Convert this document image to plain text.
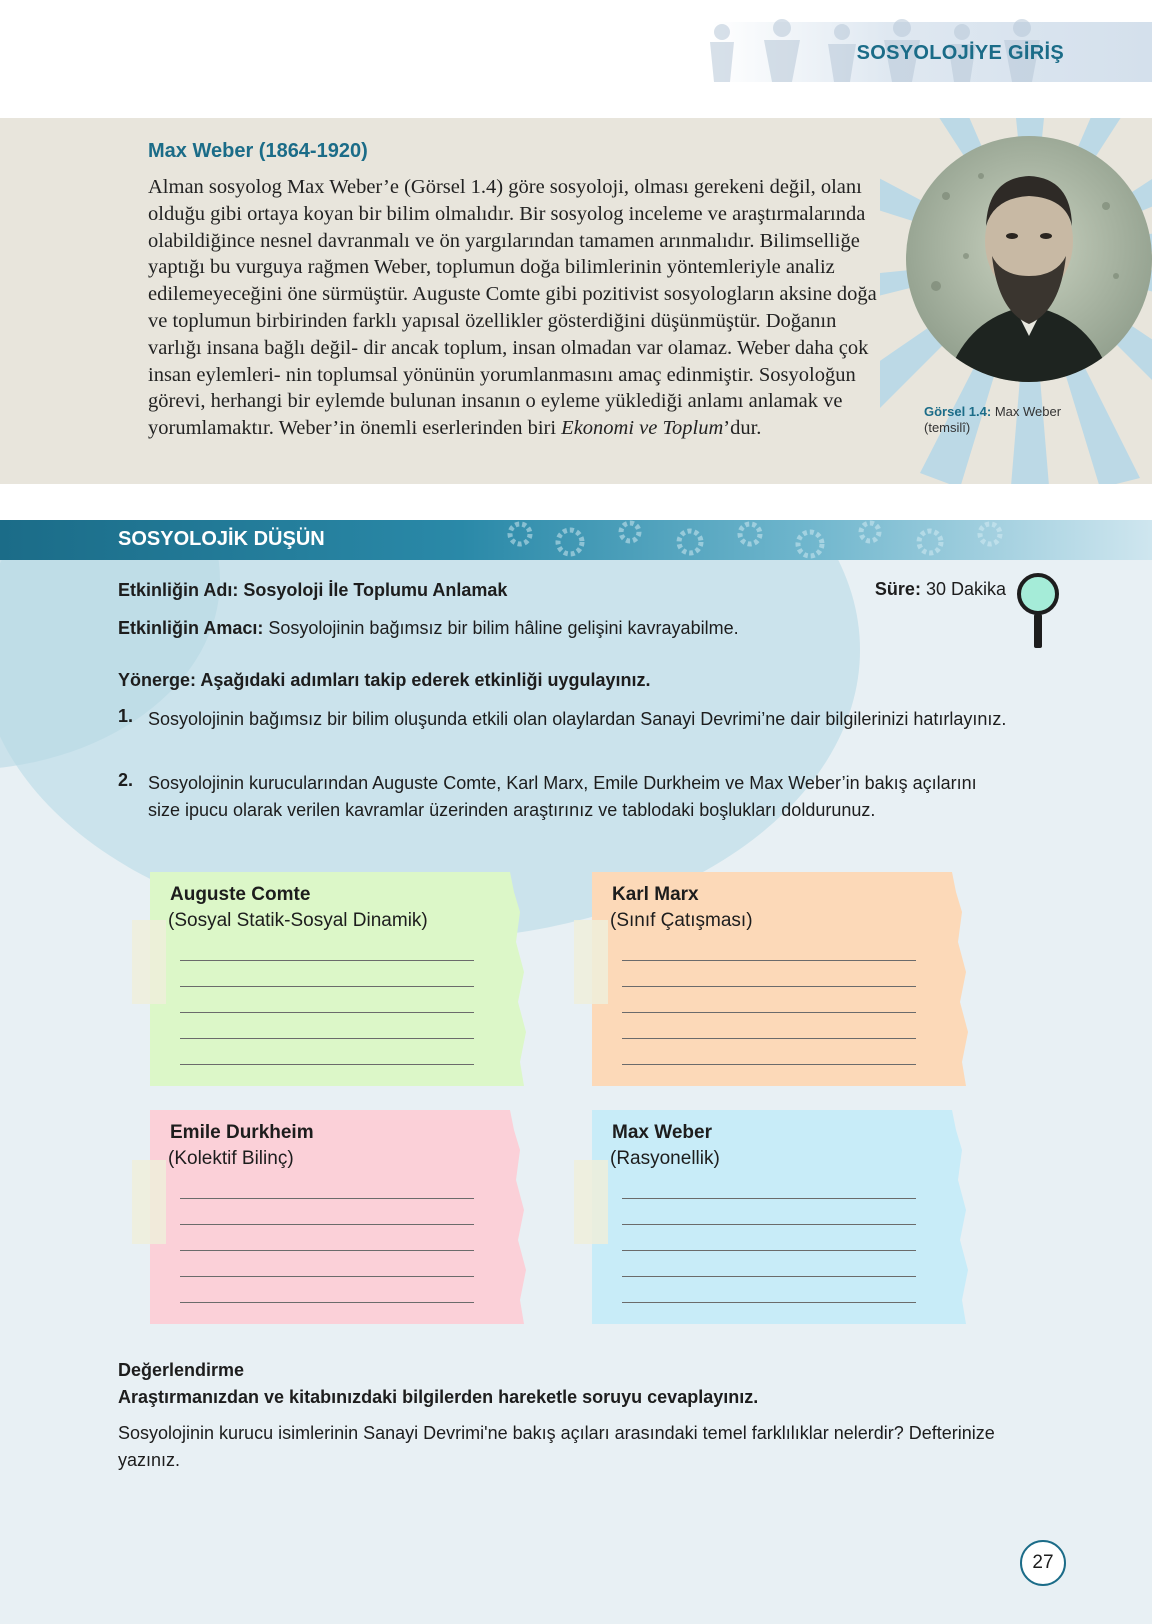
SOSYOLOJİYE GİRİŞ
Max Weber (1864-1920)
Alman sosyolog Max Weber’e (Görsel 1.4) göre sosyoloji, olması gerekeni değil, olanı olduğu gibi ortaya koyan bir bilim olmalıdır. Bir sosyolog inceleme ve araştırmalarında olabildiğince nesnel davranmalı ve ön yargılarından tamamen arınmalıdır. Bilimselliğe yaptığı bu vurguya rağmen Weber, toplumun doğa bilimlerinin yöntemleriyle analiz edilemeyeceğini öne sürmüştür. Auguste Comte gibi pozitivist sosyologların aksine doğa ve toplumun birbirinden farklı yapısal özellikler gösterdiğini düşünmüştür. Doğanın varlığı insana bağlı değil- dir ancak toplum, insan olmadan var olamaz. Weber daha çok insan eylemleri- nin toplumsal yönünün yorumlanmasını amaç edinmiştir. Sosyoloğun görevi, herhangi bir eylemde bulunan insanın o eyleme yüklediği anlamı anlamak ve yorumlamaktır. Weber’in önemli eserlerinden biri Ekonomi ve Toplum’dur.
Görsel 1.4: Max Weber (temsilî)
SOSYOLOJİK DÜŞÜN
Etkinliğin Adı: Sosyoloji İle Toplumu Anlamak	Süre: 30 Dakika
Etkinliğin Amacı: Sosyolojinin bağımsız bir bilim hâline gelişini kavrayabilme.
Yönerge: Aşağıdaki adımları takip ederek etkinliği uygulayınız.
1. Sosyolojinin bağımsız bir bilim oluşunda etkili olan olaylardan Sanayi Devrimi’ne dair bilgilerinizi hatırlayınız.
2. Sosyolojinin kurucularından Auguste Comte, Karl Marx, Emile Durkheim ve Max Weber’in bakış açılarını size ipucu olarak verilen kavramlar üzerinden araştırınız ve tablodaki boşlukları doldurunuz.
Auguste Comte
(Sosyal Statik-Sosyal Dinamik)
Karl Marx
(Sınıf Çatışması)
Emile Durkheim
(Kolektif Bilinç)
Max Weber
(Rasyonellik)
Değerlendirme
Araştırmanızdan ve kitabınızdaki bilgilerden hareketle soruyu cevaplayınız.
Sosyolojinin kurucu isimlerinin Sanayi Devrimi'ne bakış açıları arasındaki temel farklılıklar nelerdir? Defterinize yazınız.
27
